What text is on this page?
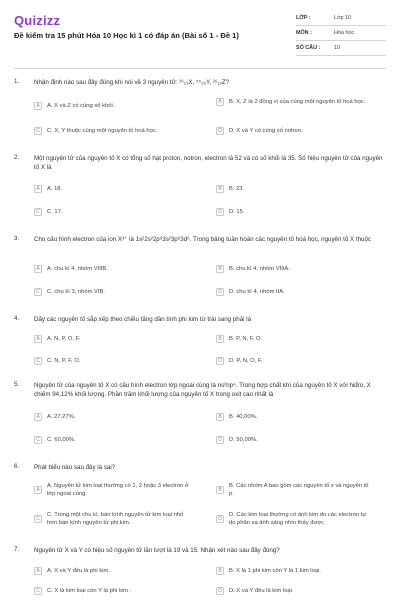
Quizizz
Đề kiểm tra 15 phút Hóa 10 Học kì 1 có đáp án (Bài số 1 - Đề 1)
LỚP :	Lớp 10
MÔN :	Hóa học
SỐ CÂU :	10
1. Nhận định nào sau đây đúng khi nói về 3 nguyên tử: ²⁶₁₃X, ⁵⁵₂₆Y, ²⁶₁₂Z?
A	A. X và Z có cùng số khối.
B	B. X, Z là 2 đồng vị của cùng một nguyên tố hoá học.
C	C. X, Y thuộc cùng một nguyên tố hoá học.	D	D. X và Y có cùng số notron.
2. Một nguyên tử của nguyên tố X có tổng số hạt proton, notron, electron là 52 và có số khối là 35. Số hiệu nguyên tử của nguyên tố X là
A	A. 18.	B	B. 23.
C	C. 17.	D	D. 15.
3. Cho cấu hình electron của ion X³⁺ là 1s²2s²2p⁶3s²3p⁶3d⁶. Trong bảng tuần hoàn các nguyên tố hoá học, nguyên tố X thuộc
A	A. chu kì 4, nhóm VIIIB.	B	B. chu kì 4, nhóm VIIIA.
C	C. chu kì 3, nhóm VIB.	D	D. chu kì 4, nhóm IIA.
4. Dãy các nguyên tố sắp xếp theo chiều tăng dần tính phi kim từ trái sang phải là
A	A. N, P, O, F.	B	B. P, N, F, O.
C	C. N, P, F, O.	D	D. P, N, O, F.
5. Nguyên tử của nguyên tố X có cấu hình electron lớp ngoài cùng là ns²np⁴. Trong hợp chất khí của nguyên tố X với hiđro, X chiếm 94,12% khối lượng. Phần trăm khối lượng của nguyên tố X trong oxit cao nhất là
A	A. 27,27%.	B	B. 40,00%.
C	C. 60,00%.	D	D. 50,00%.
6. Phát biểu nào sau đây là sai?
A
A. Nguyên tử kim loại thường có 1, 2 hoặc 3 electron ở lớp ngoài cùng.
B
B. Các nhóm A bao gồm các nguyên tố s và nguyên tố p.
C
C. Trong một chu kì, bán kính nguyên tử kim loại nhỏ hơn bán kính nguyên tử phi kim.
D
D. Các kim loại thường có ánh kim do các electron tự do phản xạ ánh sáng nhìn thấy được
7. Nguyên tử X và Y có hiệu số nguyên tử lần lượt là 19 và 15. Nhận xét nào sau đây đúng?
A	A. X và Y đều là phi kim.	B	B. X là 1 phi kim còn Y là 1 kim loại.
C	C. X là kim loại còn Y là phi kim .	D	D. X và Y đều là kim loại
